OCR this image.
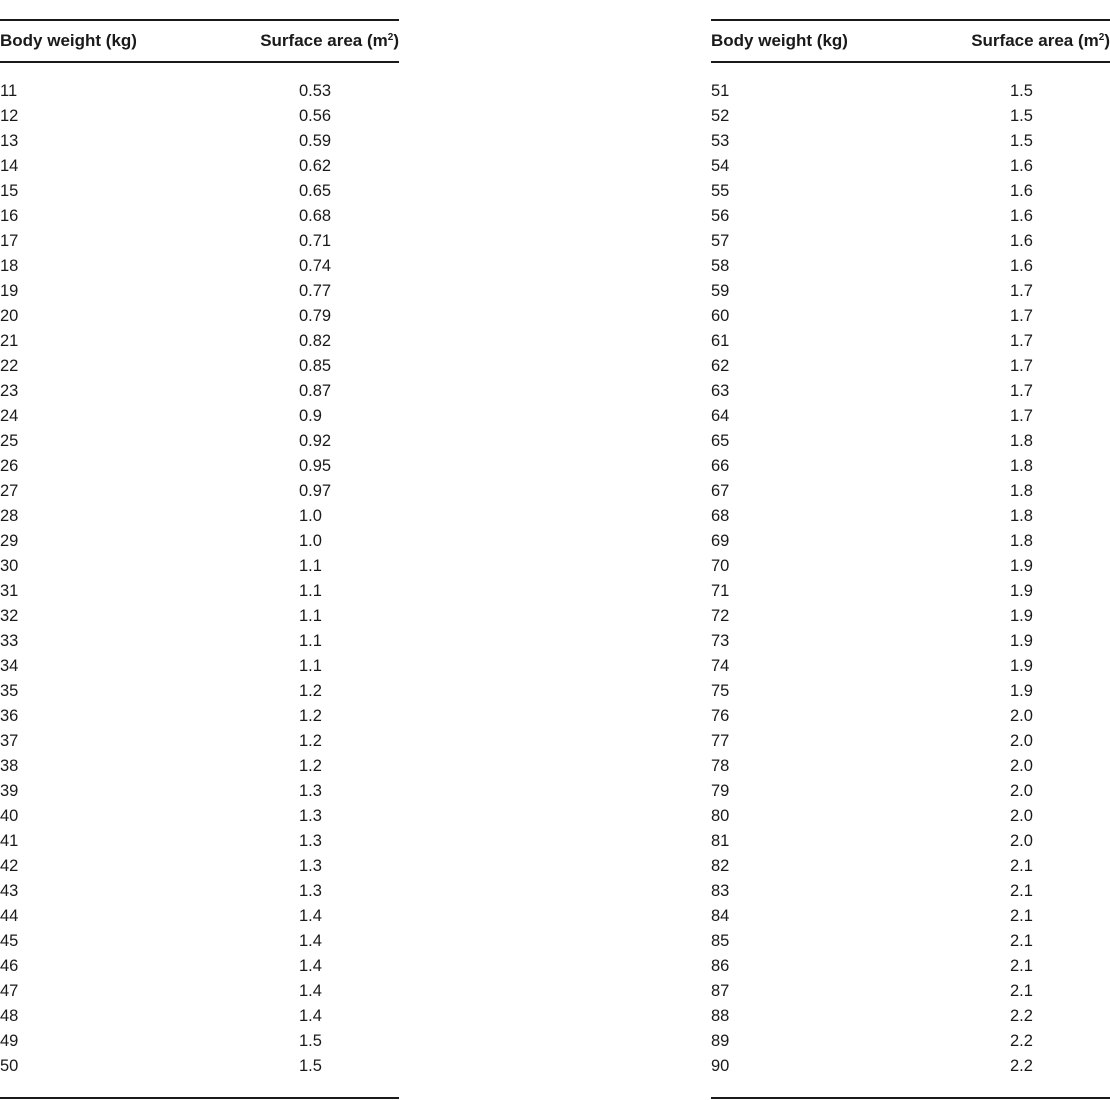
Body weight (kg)	Surface area $(m^2)$
11	0.53
12	0.56
13	0.59
14	0.62
15	0.65
16	0.68
17	0.71
18	0.74
19	0.77
20	0.79
21	0.82
22	0.85
23	0.87
24	0.9
25	0.92
26	0.95
27	0.97
28	1.0
29	1.0
30	1.1
31	1.1
32	1.1
33	1.1
34	1.1
35	1.2
36	1.2
37	1.2
38	1.2
39	1.3
40	1.3
41	1.3
42	1.3
43	1.3
44	1.4
45	1.4
46	1.4
47	1.4
48	1.4
49	1.5
50	1.5
Body weight (kg)	Surface area $(m^2)$
51	1.5
52	1.5
53	1.5
54	1.6
55	1.6
56	1.6
57	1.6
58	1.6
59	1.7
60	1.7
61	1.7
62	1.7
63	1.7
64	1.7
65	1.8
66	1.8
67	1.8
68	1.8
69	1.8
70	1.9
71	1.9
72	1.9
73	1.9
74	1.9
75	1.9
76	2.0
77	2.0
78	2.0
79	2.0
80	2.0
81	2.0
82	2.1
83	2.1
84	2.1
85	2.1
86	2.1
87	2.1
88	2.2
89	2.2
90	2.2
